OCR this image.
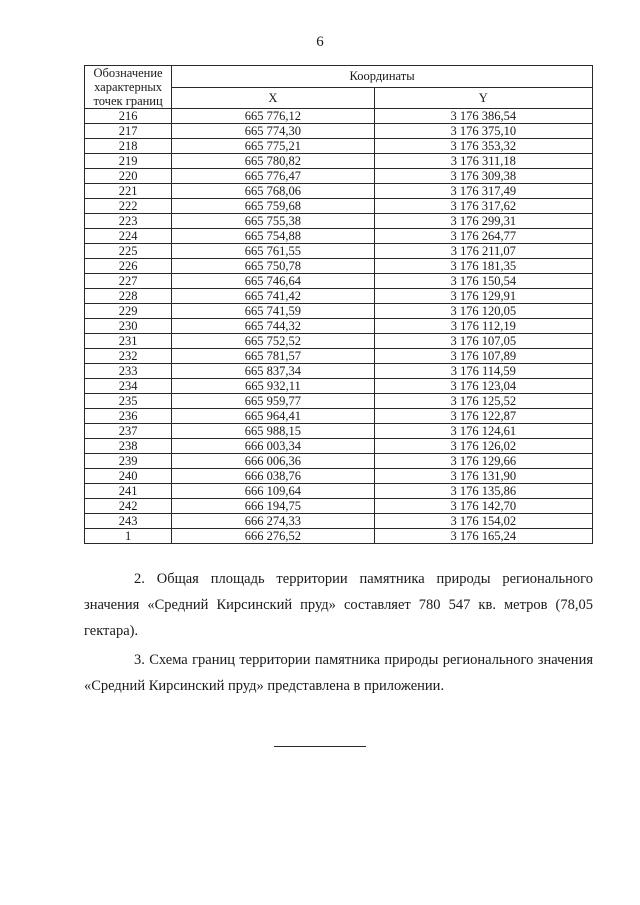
6
Обозначение
характерных
точек границ	Координаты	
	X	Y
216	665 776,12	3 176 386,54
217	665 774,30	3 176 375,10
218	665 775,21	3 176 353,32
219	665 780,82	3 176 311,18
220	665 776,47	3 176 309,38
221	665 768,06	3 176 317,49
222	665 759,68	3 176 317,62
223	665 755,38	3 176 299,31
224	665 754,88	3 176 264,77
225	665 761,55	3 176 211,07
226	665 750,78	3 176 181,35
227	665 746,64	3 176 150,54
228	665 741,42	3 176 129,91
229	665 741,59	3 176 120,05
230	665 744,32	3 176 112,19
231	665 752,52	3 176 107,05
232	665 781,57	3 176 107,89
233	665 837,34	3 176 114,59
234	665 932,11	3 176 123,04
235	665 959,77	3 176 125,52
236	665 964,41	3 176 122,87
237	665 988,15	3 176 124,61
238	666 003,34	3 176 126,02
239	666 006,36	3 176 129,66
240	666 038,76	3 176 131,90
241	666 109,64	3 176 135,86
242	666 194,75	3 176 142,70
243	666 274,33	3 176 154,02
1	666 276,52	3 176 165,24
2. Общая площадь территории памятника природы регионального значения «Средний Кирсинский пруд» составляет 780 547 кв. метров (78,05 гектара).
3. Схема границ территории памятника природы регионального значения «Средний Кирсинский пруд» представлена в приложении.
